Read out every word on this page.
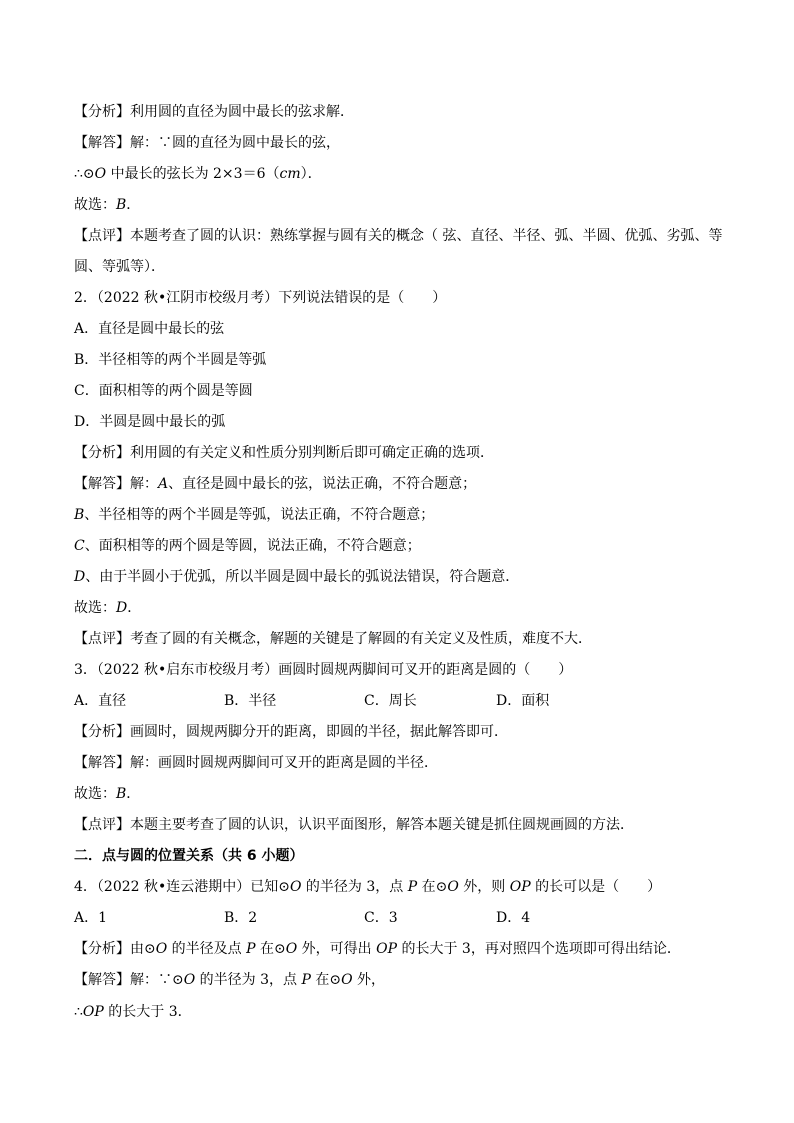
【分析】利用圆的直径为圆中最长的弦求解．
【解答】解：∵圆的直径为圆中最长的弦，
∴⊙O 中最长的弦长为 2×3＝6（cm）．
故选：B．
【点评】本题考查了圆的认识：熟练掌握与圆有关的概念（ 弦、直径、半径、弧、半圆、优弧、劣弧、等
圆、等弧等）．
2．（2022 秋•江阴市校级月考）下列说法错误的是（　　）
A．直径是圆中最长的弦
B．半径相等的两个半圆是等弧
C．面积相等的两个圆是等圆
D．半圆是圆中最长的弧
【分析】利用圆的有关定义和性质分别判断后即可确定正确的选项．
【解答】解：A、直径是圆中最长的弦，说法正确，不符合题意；
B、半径相等的两个半圆是等弧，说法正确，不符合题意；
C、面积相等的两个圆是等圆，说法正确，不符合题意；
D、由于半圆小于优弧，所以半圆是圆中最长的弧说法错误，符合题意．
故选：D．
【点评】考查了圆的有关概念，解题的关键是了解圆的有关定义及性质，难度不大．
3．（2022 秋•启东市校级月考）画圆时圆规两脚间可叉开的距离是圆的（　　）
A．直径	B．半径	C．周长	D．面积
【分析】画圆时，圆规两脚分开的距离，即圆的半径，据此解答即可．
【解答】解：画圆时圆规两脚间可叉开的距离是圆的半径．
故选：B．
【点评】本题主要考查了圆的认识，认识平面图形，解答本题关键是抓住圆规画圆的方法．
二．点与圆的位置关系（共 6 小题）
4．（2022 秋•连云港期中）已知⊙O 的半径为 3，点 P 在⊙O 外，则 OP 的长可以是（　　）
A．1	B．2	C．3	D．4
【分析】由⊙O 的半径及点 P 在⊙O 外，可得出 OP 的长大于 3，再对照四个选项即可得出结论．
【解答】解：∵⊙O 的半径为 3，点 P 在⊙O 外，
∴OP 的长大于 3．
